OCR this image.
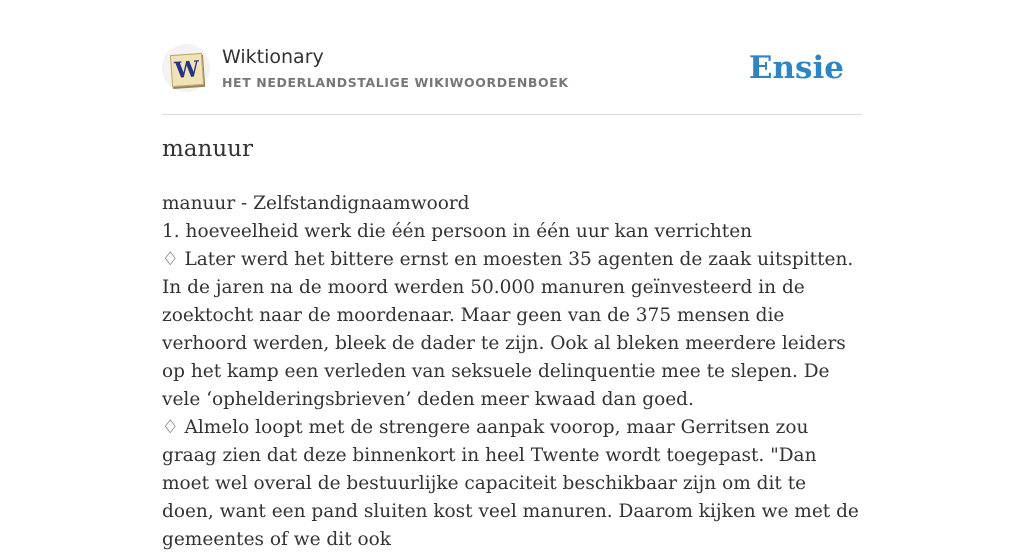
W Wiktionary
HET NEDERLANDSTALIGE WIKIWOORDENBOEK	Ensie
manuur

manuur - Zelfstandignaamwoord

1. hoeveelheid werk die één persoon in één uur kan verrichten

♢ Later werd het bittere ernst en moesten 35 agenten de zaak uitspitten. In de jaren na de moord werden 50.000 manuren geïnvesteerd in de zoektocht naar de moordenaar. Maar geen van de 375 mensen die verhoord werden, bleek de dader te zijn. Ook al bleken meerdere leiders op het kamp een verleden van seksuele delinquentie mee te slepen. De vele ‘ophelderingsbrieven’ deden meer kwaad dan goed.

♢ Almelo loopt met de strengere aanpak voorop, maar Gerritsen zou graag zien dat deze binnenkort in heel Twente wordt toegepast. "Dan moet wel overal de bestuurlijke capaciteit beschikbaar zijn om dit te doen, want een pand sluiten kost veel manuren. Daarom kijken we met de gemeentes of we dit ook
